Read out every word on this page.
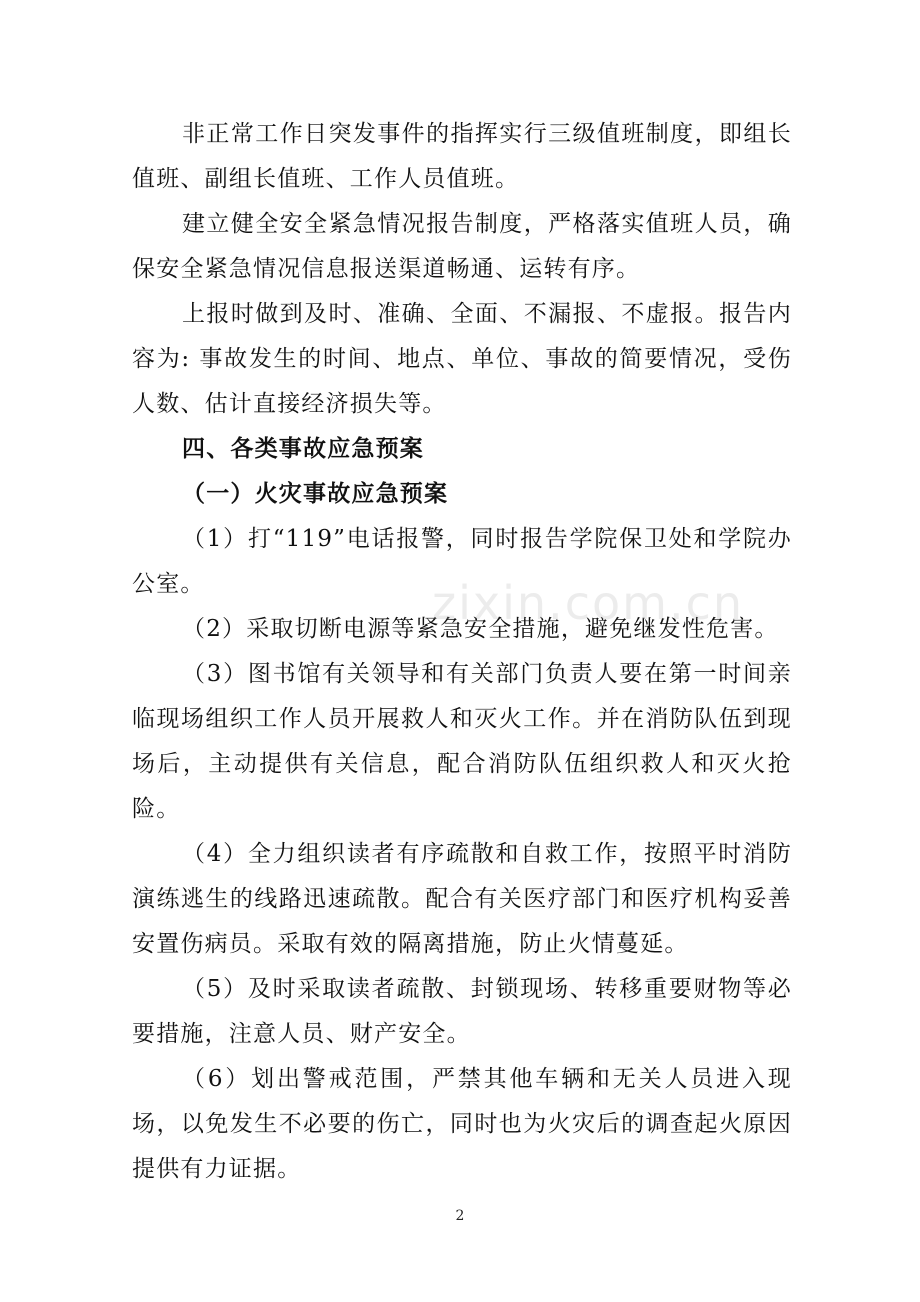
非正常工作日突发事件的指挥实行三级值班制度，即组长值班、副组长值班、工作人员值班。

建立健全安全紧急情况报告制度，严格落实值班人员，确保安全紧急情况信息报送渠道畅通、运转有序。

上报时做到及时、准确、全面、不漏报、不虚报。报告内容为: 事故发生的时间、地点、单位、事故的简要情况，受伤人数、估计直接经济损失等。

四、各类事故应急预案

（一）火灾事故应急预案

（1）打“119”电话报警，同时报告学院保卫处和学院办公室。

（2）采取切断电源等紧急安全措施，避免继发性危害。

（3）图书馆有关领导和有关部门负责人要在第一时间亲临现场组织工作人员开展救人和灭火工作。并在消防队伍到现场后，主动提供有关信息，配合消防队伍组织救人和灭火抢险。

（4）全力组织读者有序疏散和自救工作，按照平时消防演练逃生的线路迅速疏散。配合有关医疗部门和医疗机构妥善安置伤病员。采取有效的隔离措施，防止火情蔓延。

（5）及时采取读者疏散、封锁现场、转移重要财物等必要措施，注意人员、财产安全。

（6）划出警戒范围，严禁其他车辆和无关人员进入现场，以免发生不必要的伤亡，同时也为火灾后的调查起火原因提供有力证据。

zixin.com.cn
2
